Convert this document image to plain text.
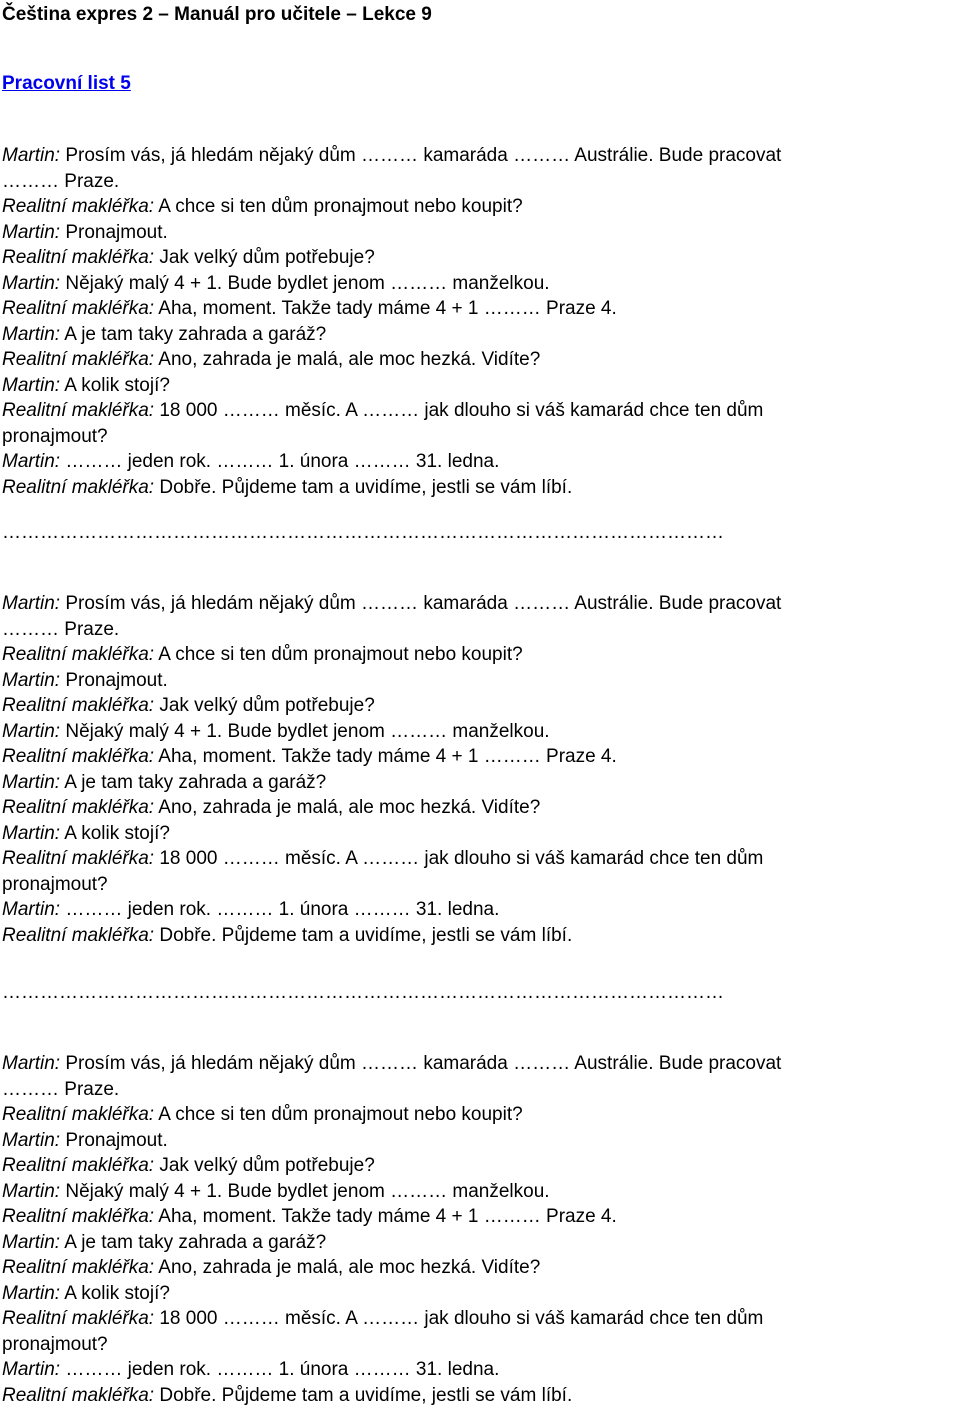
Čeština expres 2 – Manuál pro učitele – Lekce 9
Pracovní list 5
Martin: Prosím vás, já hledám nějaký dům ……… kamaráda ……… Austrálie. Bude pracovat
……… Praze.
Realitní makléřka: A chce si ten dům pronajmout nebo koupit?
Martin: Pronajmout.
Realitní makléřka: Jak velký dům potřebuje?
Martin: Nějaký malý 4 + 1. Bude bydlet jenom ……… manželkou.
Realitní makléřka: Aha, moment. Takže tady máme 4 + 1 ……… Praze 4.
Martin: A je tam taky zahrada a garáž?
Realitní makléřka: Ano, zahrada je malá, ale moc hezká. Vidíte?
Martin: A kolik stojí?
Realitní makléřka: 18 000 ……… měsíc. A ……… jak dlouho si váš kamarád chce ten dům
pronajmout?
Martin: ……… jeden rok. ……… 1. února ……… 31. ledna.
Realitní makléřka: Dobře. Půjdeme tam a uvidíme, jestli se vám líbí.
……………………………………………………………………………………………………
Martin: Prosím vás, já hledám nějaký dům ……… kamaráda ……… Austrálie. Bude pracovat
……… Praze.
Realitní makléřka: A chce si ten dům pronajmout nebo koupit?
Martin: Pronajmout.
Realitní makléřka: Jak velký dům potřebuje?
Martin: Nějaký malý 4 + 1. Bude bydlet jenom ……… manželkou.
Realitní makléřka: Aha, moment. Takže tady máme 4 + 1 ……… Praze 4.
Martin: A je tam taky zahrada a garáž?
Realitní makléřka: Ano, zahrada je malá, ale moc hezká. Vidíte?
Martin: A kolik stojí?
Realitní makléřka: 18 000 ……… měsíc. A ……… jak dlouho si váš kamarád chce ten dům
pronajmout?
Martin: ……… jeden rok. ……… 1. února ……… 31. ledna.
Realitní makléřka: Dobře. Půjdeme tam a uvidíme, jestli se vám líbí.
……………………………………………………………………………………………………
Martin: Prosím vás, já hledám nějaký dům ……… kamaráda ……… Austrálie. Bude pracovat
……… Praze.
Realitní makléřka: A chce si ten dům pronajmout nebo koupit?
Martin: Pronajmout.
Realitní makléřka: Jak velký dům potřebuje?
Martin: Nějaký malý 4 + 1. Bude bydlet jenom ……… manželkou.
Realitní makléřka: Aha, moment. Takže tady máme 4 + 1 ……… Praze 4.
Martin: A je tam taky zahrada a garáž?
Realitní makléřka: Ano, zahrada je malá, ale moc hezká. Vidíte?
Martin: A kolik stojí?
Realitní makléřka: 18 000 ……… měsíc. A ……… jak dlouho si váš kamarád chce ten dům
pronajmout?
Martin: ……… jeden rok. ……… 1. února ……… 31. ledna.
Realitní makléřka: Dobře. Půjdeme tam a uvidíme, jestli se vám líbí.
